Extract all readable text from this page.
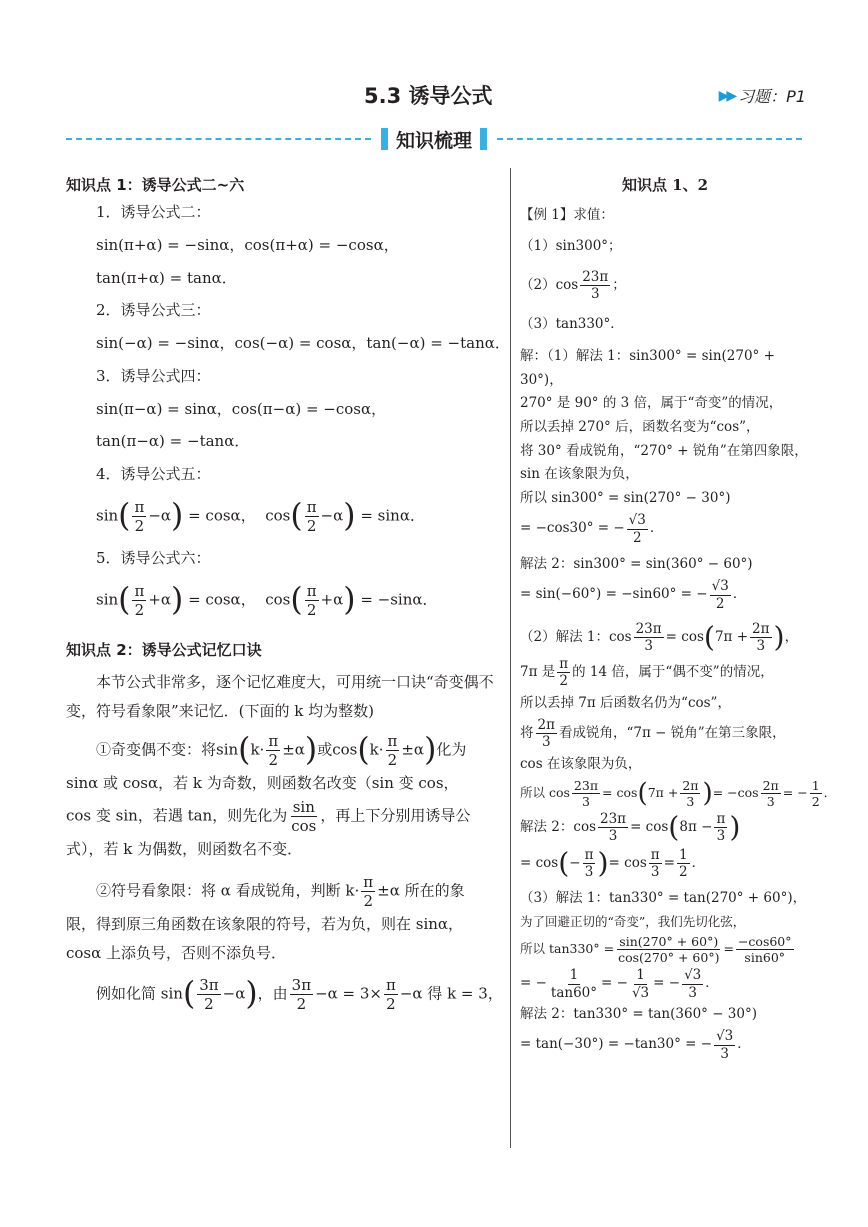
5.3 诱导公式	▶▶ 习题：P1
知识梳理
知识点 1：诱导公式二~六
1．诱导公式二：
sin(π+α) = −sinα，cos(π+α) = −cosα，
tan(π+α) = tanα．
2．诱导公式三：
sin(−α) = −sinα，cos(−α) = cosα，tan(−α) = −tanα．
3．诱导公式四：
sin(π−α) = sinα，cos(π−α) = −cosα，
tan(π−α) = −tanα．
4．诱导公式五：
$\sin( \frac{\pi}{2} -\alpha) = \cos\alpha$， $\cos( \frac{\pi}{2} -\alpha) = \sin\alpha$．
5．诱导公式六：
$\sin( \frac{\pi}{2} +\alpha) = \cos\alpha$， $\cos( \frac{\pi}{2} +\alpha) = -\sin\alpha$．
知识点 2：诱导公式记忆口诀
本节公式非常多，逐个记忆难度大，可用统一口诀“奇变偶不变，符号看象限”来记忆．(下面的 k 均为整数)
①奇变偶不变：将$\sin(k\cdot \frac{\pi}{2} \pm\alpha)$或$\cos(k\cdot \frac{\pi}{2} \pm\alpha)$化为
sinα 或 cosα，若 k 为奇数，则函数名改变（sin 变 cos，
cos 变 sin，若遇 tan，则先化为 $\frac{\sin}{\cos}$ ，再上下分别用诱导公
式），若 k 为偶数，则函数名不变．
②符号看象限：将 α 看成锐角，判断 $k\cdot \frac{\pi}{2} \pm\alpha$ 所在的象
限，得到原三角函数在该象限的符号，若为负，则在 sinα，
cosα 上添负号，否则不添负号．
例如化简 $\sin( \frac{3\pi}{2} -\alpha)$，由 $\frac{3\pi}{2} -\alpha = 3\times \frac{\pi}{2} -\alpha$ 得 k = 3，
知识点 1、2
【例 1】求值：
（1）sin300°；
$(2)\cos \frac{23\pi}{3}$ ；
（3）tan330°．
解：（1）解法 1：sin300° = sin(270° + 30°)，
270° 是 90° 的 3 倍，属于“奇变”的情况，
所以丢掉 270° 后，函数名变为“cos”，
将 30° 看成锐角，“270° + 锐角”在第四象限，sin 在该象限为负，
所以 sin300° = sin(270° − 30°)
= −cos30° = − $\frac{√3}{2}$ ．
解法 2：sin300° = sin(360° − 60°)
= sin(−60°) = −sin60° = − $\frac{√3}{2}$ ．
（2）解法 1：$\cos \frac{23\pi}{3} = \cos(7\pi + \frac{2\pi}{3}$ )，
7π 是 $\frac{\pi}{2}$ 的 14 倍，属于“偶不变”的情况，
所以丢掉 7π 后函数名仍为“cos”，
将 $\frac{2\pi}{3}$ 看成锐角，“7π − 锐角”在第三象限，
cos 在该象限为负，
所以 $\cos \frac{23\pi}{3} = \cos(7\pi + \frac{2\pi}{3}$ )= $-\cos \frac{2\pi}{3}$ = − $\frac{1}{2}$ ．
解法 2：$\cos \frac{23\pi}{3} = \cos(8\pi - \frac{\pi}{3}$ )
= $\cos(- \frac{\pi}{3}$ )= $\cos \frac{\pi}{3} = \frac{1}{2}$ ．
（3）解法 1：tan330° = tan(270° + 60°)，
为了回避正切的“奇变”，我们先切化弦，
所以 $\tan 330^\circ = \frac{\sin(270^\circ + 60^\circ)}{\cos(270^\circ + 60^\circ)} = \frac{-\cos 60^\circ}{\sin 60^\circ}$
= − $\frac{1}{\tan 60^\circ}$ = − $\frac{1}{√3}$ = − $\frac{√3}{3}$ ．
解法 2：tan330° = tan(360° − 30°)
= tan(−30°) = −tan30° = − $\frac{√3}{3}$ ．
